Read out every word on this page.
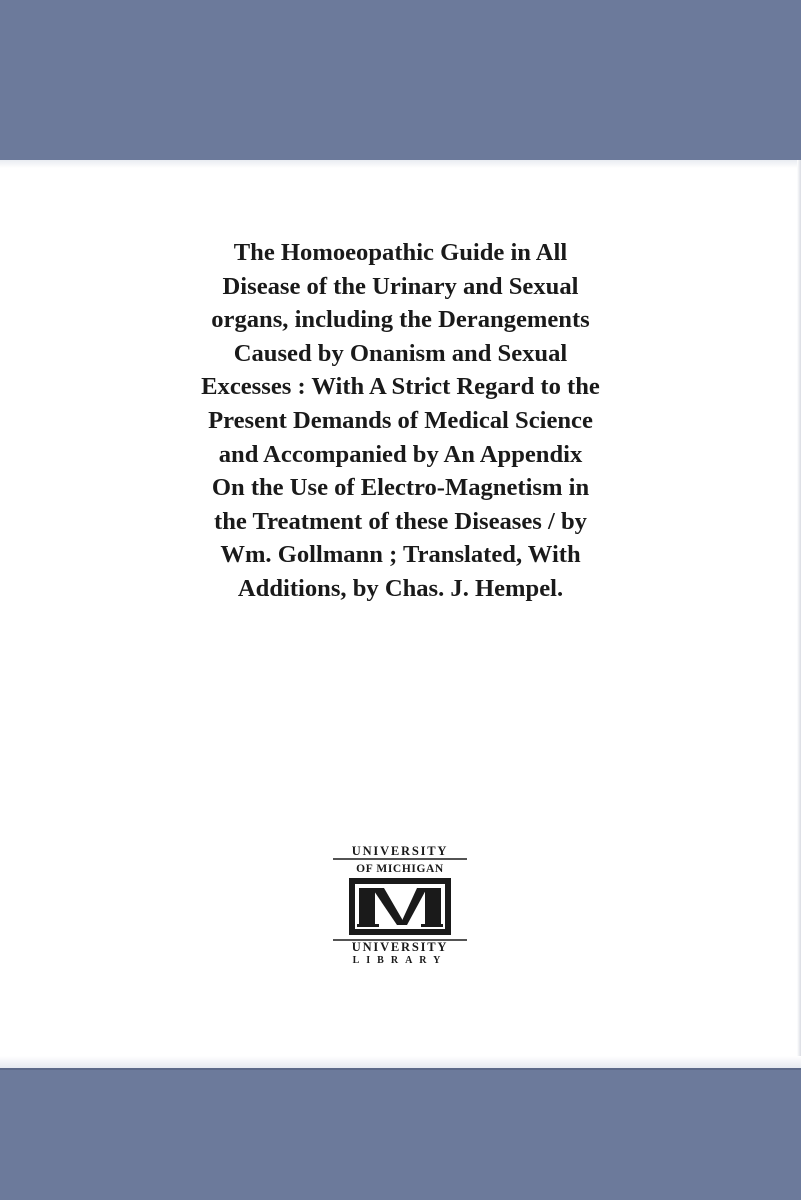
The Homoeopathic Guide in All
Disease of the Urinary and Sexual
organs, including the Derangements
Caused by Onanism and Sexual
Excesses : With A Strict Regard to the
Present Demands of Medical Science
and Accompanied by An Appendix
On the Use of Electro-Magnetism in
the Treatment of these Diseases / by
Wm. Gollmann ; Translated, With
Additions, by Chas. J. Hempel.
UNIVERSITY
OF MICHIGAN
UNIVERSITY
LIBRARY
